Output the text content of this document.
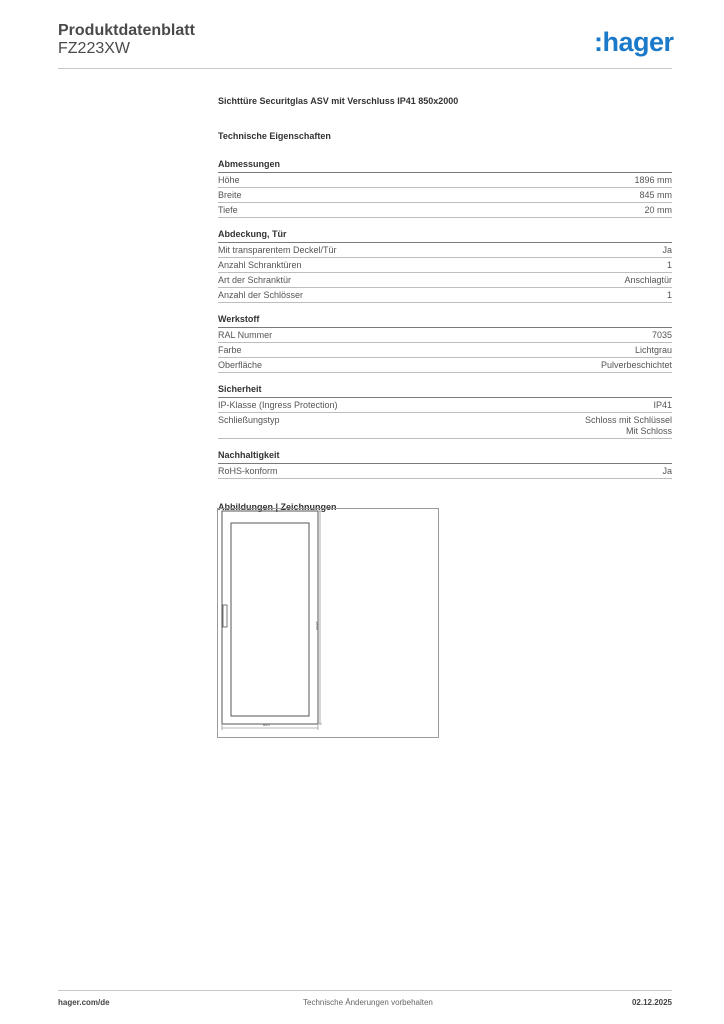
Produktdatenblatt
FZ223XW	:hager
Sichttüre Securitglas ASV mit Verschluss IP41 850x2000
Technische Eigenschaften
Abmessungen
Höhe	1896 mm
Breite	845 mm
Tiefe	20 mm
Abdeckung, Tür
Mit transparentem Deckel/Tür	Ja
Anzahl Schranktüren	1
Art der Schranktür	Anschlagtür
Anzahl der Schlösser	1
Werkstoff
RAL Nummer	7035
Farbe	Lichtgrau
Oberfläche	Pulverbeschichtet
Sicherheit
IP-Klasse (Ingress Protection)	IP41
Schließungstyp	Schloss mit Schlüssel
Mit Schloss
Nachhaltigkeit
RoHS-konform	Ja
Abbildungen | Zeichnungen
1896
840
hager.com/de	Technische Änderungen vorbehalten	02.12.2025
